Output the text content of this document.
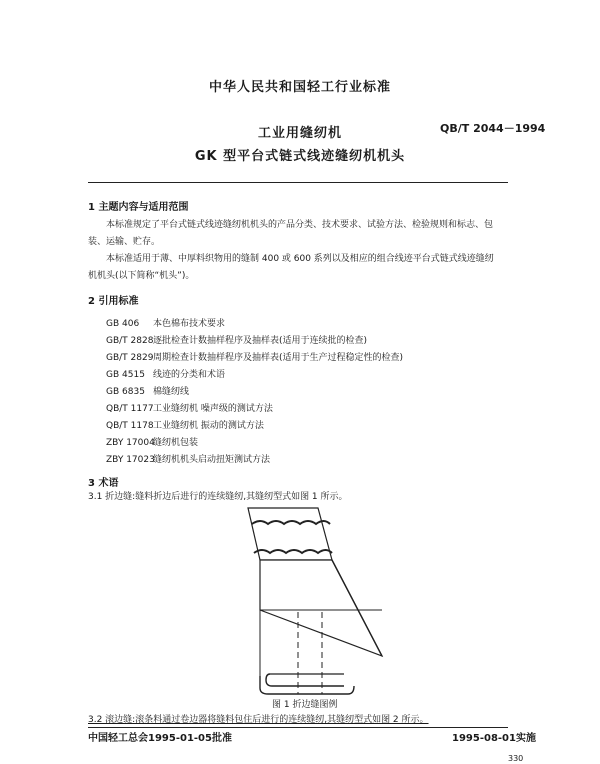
中华人民共和国轻工行业标准
QB/T 2044－1994
工业用缝纫机
GK 型平台式链式线迹缝纫机机头
1 主题内容与适用范围
本标准规定了平台式链式线迹缝纫机机头的产品分类、技术要求、试验方法、检验规则和标志、包
装、运输、贮存。
本标准适用于薄、中厚料织物用的缝制 400 或 600 系列以及相应的组合线迹平台式链式线迹缝纫
机机头(以下简称“机头”)。
2 引用标准
GB 406 本色棉布技术要求
GB/T 2828逐批检查计数抽样程序及抽样表(适用于连续批的检查)
GB/T 2829周期检查计数抽样程序及抽样表(适用于生产过程稳定性的检查)
GB 4515 线迹的分类和术语
GB 6835 棉缝纫线
QB/T 1177工业缝纫机 噪声级的测试方法
QB/T 1178工业缝纫机 振动的测试方法
ZBY 17004缝纫机包装
ZBY 17023缝纫机机头启动扭矩测试方法
3 术语
3.1 折边缝:缝料折边后进行的连续缝纫,其缝纫型式如图 1 所示。
图 1 折边缝图例
3.2 滚边缝:滚条料通过卷边器将缝料包住后进行的连续缝纫,其缝纫型式如图 2 所示。
中国轻工总会1995-01-05批准	1995-08-01实施
330
